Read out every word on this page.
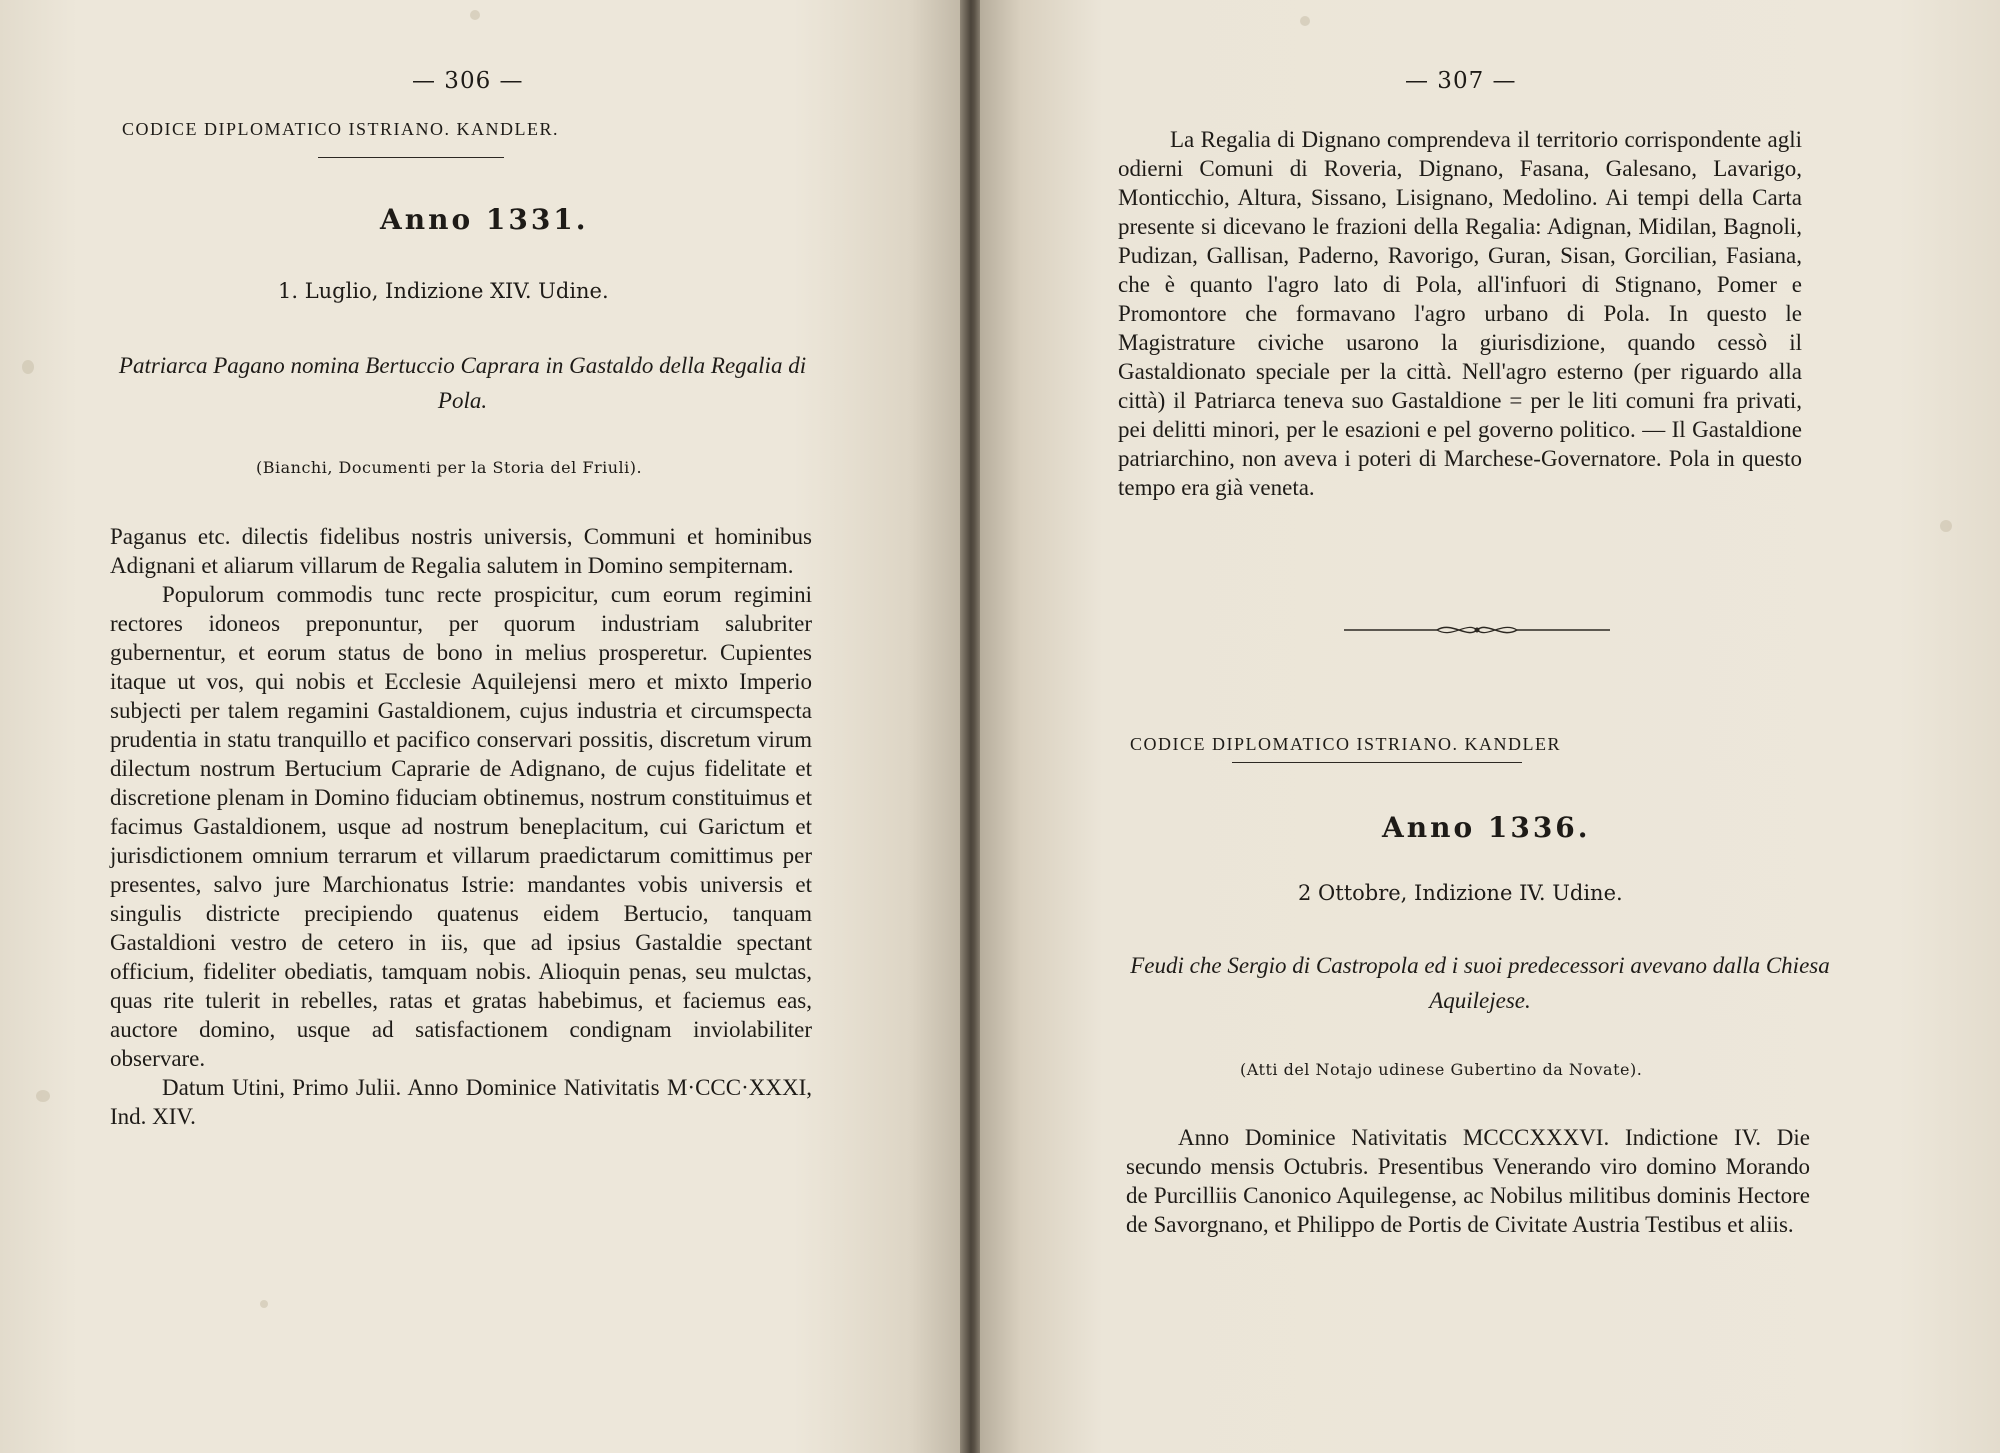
— 306 —
CODICE DIPLOMATICO ISTRIANO. KANDLER.
Anno 1331.
1. Luglio, Indizione XIV. Udine.
Patriarca Pagano nomina Bertuccio Caprara in Gastaldo della Regalia di Pola.
(Bianchi, Documenti per la Storia del Friuli).

Paganus etc. dilectis fidelibus nostris universis, Communi et hominibus Adignani et aliarum villarum de Regalia salutem in Domino sempiternam.

Populorum commodis tunc recte prospicitur, cum eorum regimini rectores idoneos preponuntur, per quorum industriam salubriter gubernentur, et eorum status de bono in melius prosperetur. Cupientes itaque ut vos, qui nobis et Ecclesie Aquilejensi mero et mixto Imperio subjecti per talem regamini Gastaldionem, cujus industria et circumspecta prudentia in statu tranquillo et pacifico conservari possitis, discretum virum dilectum nostrum Bertucium Caprarie de Adignano, de cujus fidelitate et discretione plenam in Domino fiduciam obtinemus, nostrum constituimus et facimus Gastaldionem, usque ad nostrum beneplacitum, cui Garictum et jurisdictionem omnium terrarum et villarum praedictarum comittimus per presentes, salvo jure Marchionatus Istrie: mandantes vobis universis et singulis districte precipiendo quatenus eidem Bertucio, tanquam Gastaldioni vestro de cetero in iis, que ad ipsius Gastaldie spectant officium, fideliter obediatis, tamquam nobis. Alioquin penas, seu mulctas, quas rite tulerit in rebelles, ratas et gratas habebimus, et faciemus eas, auctore domino, usque ad satisfactionem condignam inviolabiliter observare.

Datum Utini, Primo Julii. Anno Dominice Nativitatis M·CCC·XXXI, Ind. XIV.

— 307 —

La Regalia di Dignano comprendeva il territorio corrispondente agli odierni Comuni di Roveria, Dignano, Fasana, Galesano, Lavarigo, Monticchio, Altura, Sissano, Lisignano, Medolino. Ai tempi della Carta presente si dicevano le frazioni della Regalia: Adignan, Midilan, Bagnoli, Pudizan, Gallisan, Paderno, Ravorigo, Guran, Sisan, Gorcilian, Fasiana, che è quanto l'agro lato di Pola, all'infuori di Stignano, Pomer e Promontore che formavano l'agro urbano di Pola. In questo le Magistrature civiche usarono la giurisdizione, quando cessò il Gastaldionato speciale per la città. Nell'agro esterno (per riguardo alla città) il Patriarca teneva suo Gastaldione = per le liti comuni fra privati, pei delitti minori, per le esazioni e pel governo politico. — Il Gastaldione patriarchino, non aveva i poteri di Marchese-Governatore. Pola in questo tempo era già veneta.

CODICE DIPLOMATICO ISTRIANO. KANDLER
Anno 1336.
2 Ottobre, Indizione IV. Udine.
Feudi che Sergio di Castropola ed i suoi predecessori avevano dalla Chiesa Aquilejese.
(Atti del Notajo udinese Gubertino da Novate).

Anno Dominice Nativitatis MCCCXXXVI. Indictione IV. Die secundo mensis Octubris. Presentibus Venerando viro domino Morando de Purcilliis Canonico Aquilegense, ac Nobilus militibus dominis Hectore de Savorgnano, et Philippo de Portis de Civitate Austria Testibus et aliis.
